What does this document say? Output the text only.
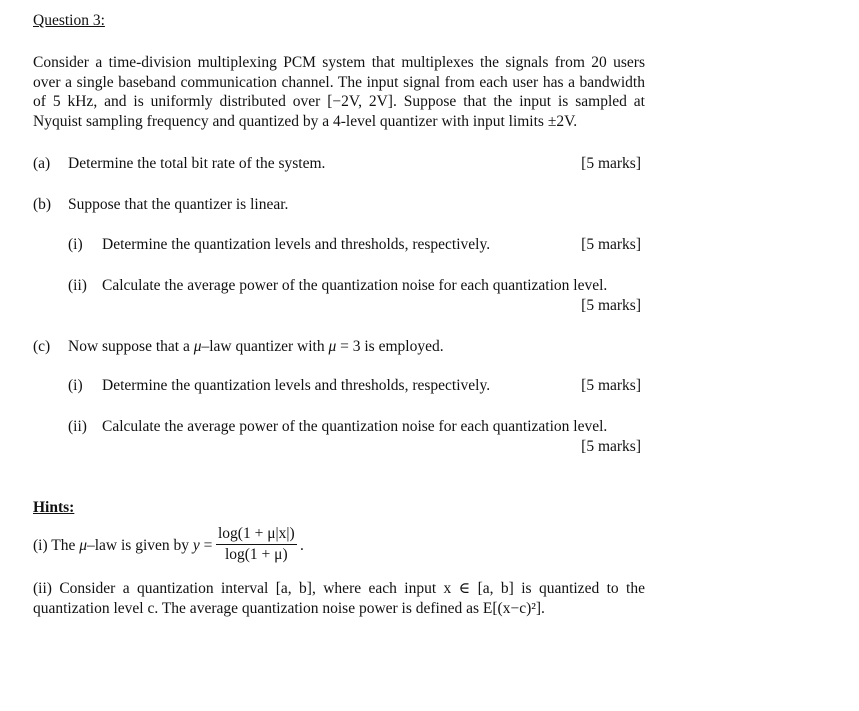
Question 3:
Consider a time-division multiplexing PCM system that multiplexes the signals from 20 users over a single baseband communication channel. The input signal from each user has a bandwidth of 5 kHz, and is uniformly distributed over [−2V, 2V]. Suppose that the input is sampled at Nyquist sampling frequency and quantized by a 4-level quantizer with input limits ±2V.
(a) Determine the total bit rate of the system.	[5 marks]
(b) Suppose that the quantizer is linear.
(i) Determine the quantization levels and thresholds, respectively.	[5 marks]
(ii) Calculate the average power of the quantization noise for each quantization level.
[5 marks]
(c) Now suppose that a μ–law quantizer with μ = 3 is employed.
(i) Determine the quantization levels and thresholds, respectively.	[5 marks]
(ii) Calculate the average power of the quantization noise for each quantization level.
[5 marks]
Hints:
(i) The μ–law is given by y =
log(1 + μ|x|)
log(1 + μ)
.
(ii) Consider a quantization interval [a, b], where each input x ∈ [a, b] is quantized to the quantization level c. The average quantization noise power is defined as E[(x−c)²].
